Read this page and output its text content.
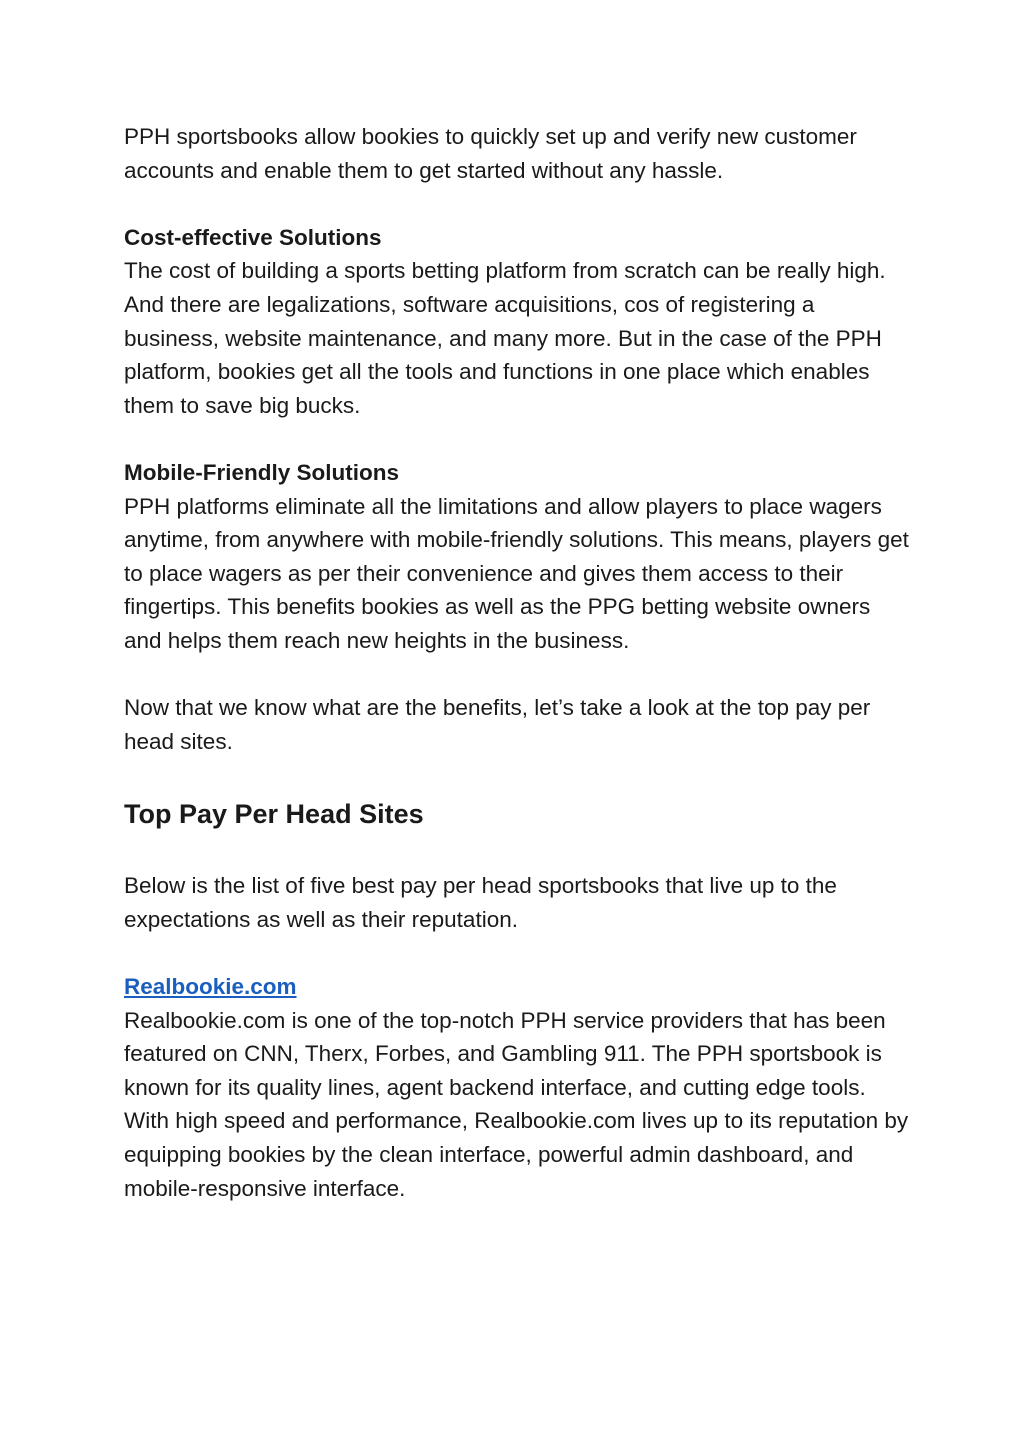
PPH sportsbooks allow bookies to quickly set up and verify new customer accounts and enable them to get started without any hassle.

Cost-effective Solutions

The cost of building a sports betting platform from scratch can be really high. And there are legalizations, software acquisitions, cos of registering a business, website maintenance, and many more. But in the case of the PPH platform, bookies get all the tools and functions in one place which enables them to save big bucks.

Mobile-Friendly Solutions

PPH platforms eliminate all the limitations and allow players to place wagers anytime, from anywhere with mobile-friendly solutions. This means, players get to place wagers as per their convenience and gives them access to their fingertips. This benefits bookies as well as the PPG betting website owners and helps them reach new heights in the business.

Now that we know what are the benefits, let’s take a look at the top pay per head sites.

Top Pay Per Head Sites

Below is the list of five best pay per head sportsbooks that live up to the expectations as well as their reputation.

Realbookie.com

Realbookie.com is one of the top-notch PPH service providers that has been featured on CNN, Therx, Forbes, and Gambling 911. The PPH sportsbook is known for its quality lines, agent backend interface, and cutting edge tools. With high speed and performance, Realbookie.com lives up to its reputation by equipping bookies by the clean interface, powerful admin dashboard, and mobile-responsive interface.
